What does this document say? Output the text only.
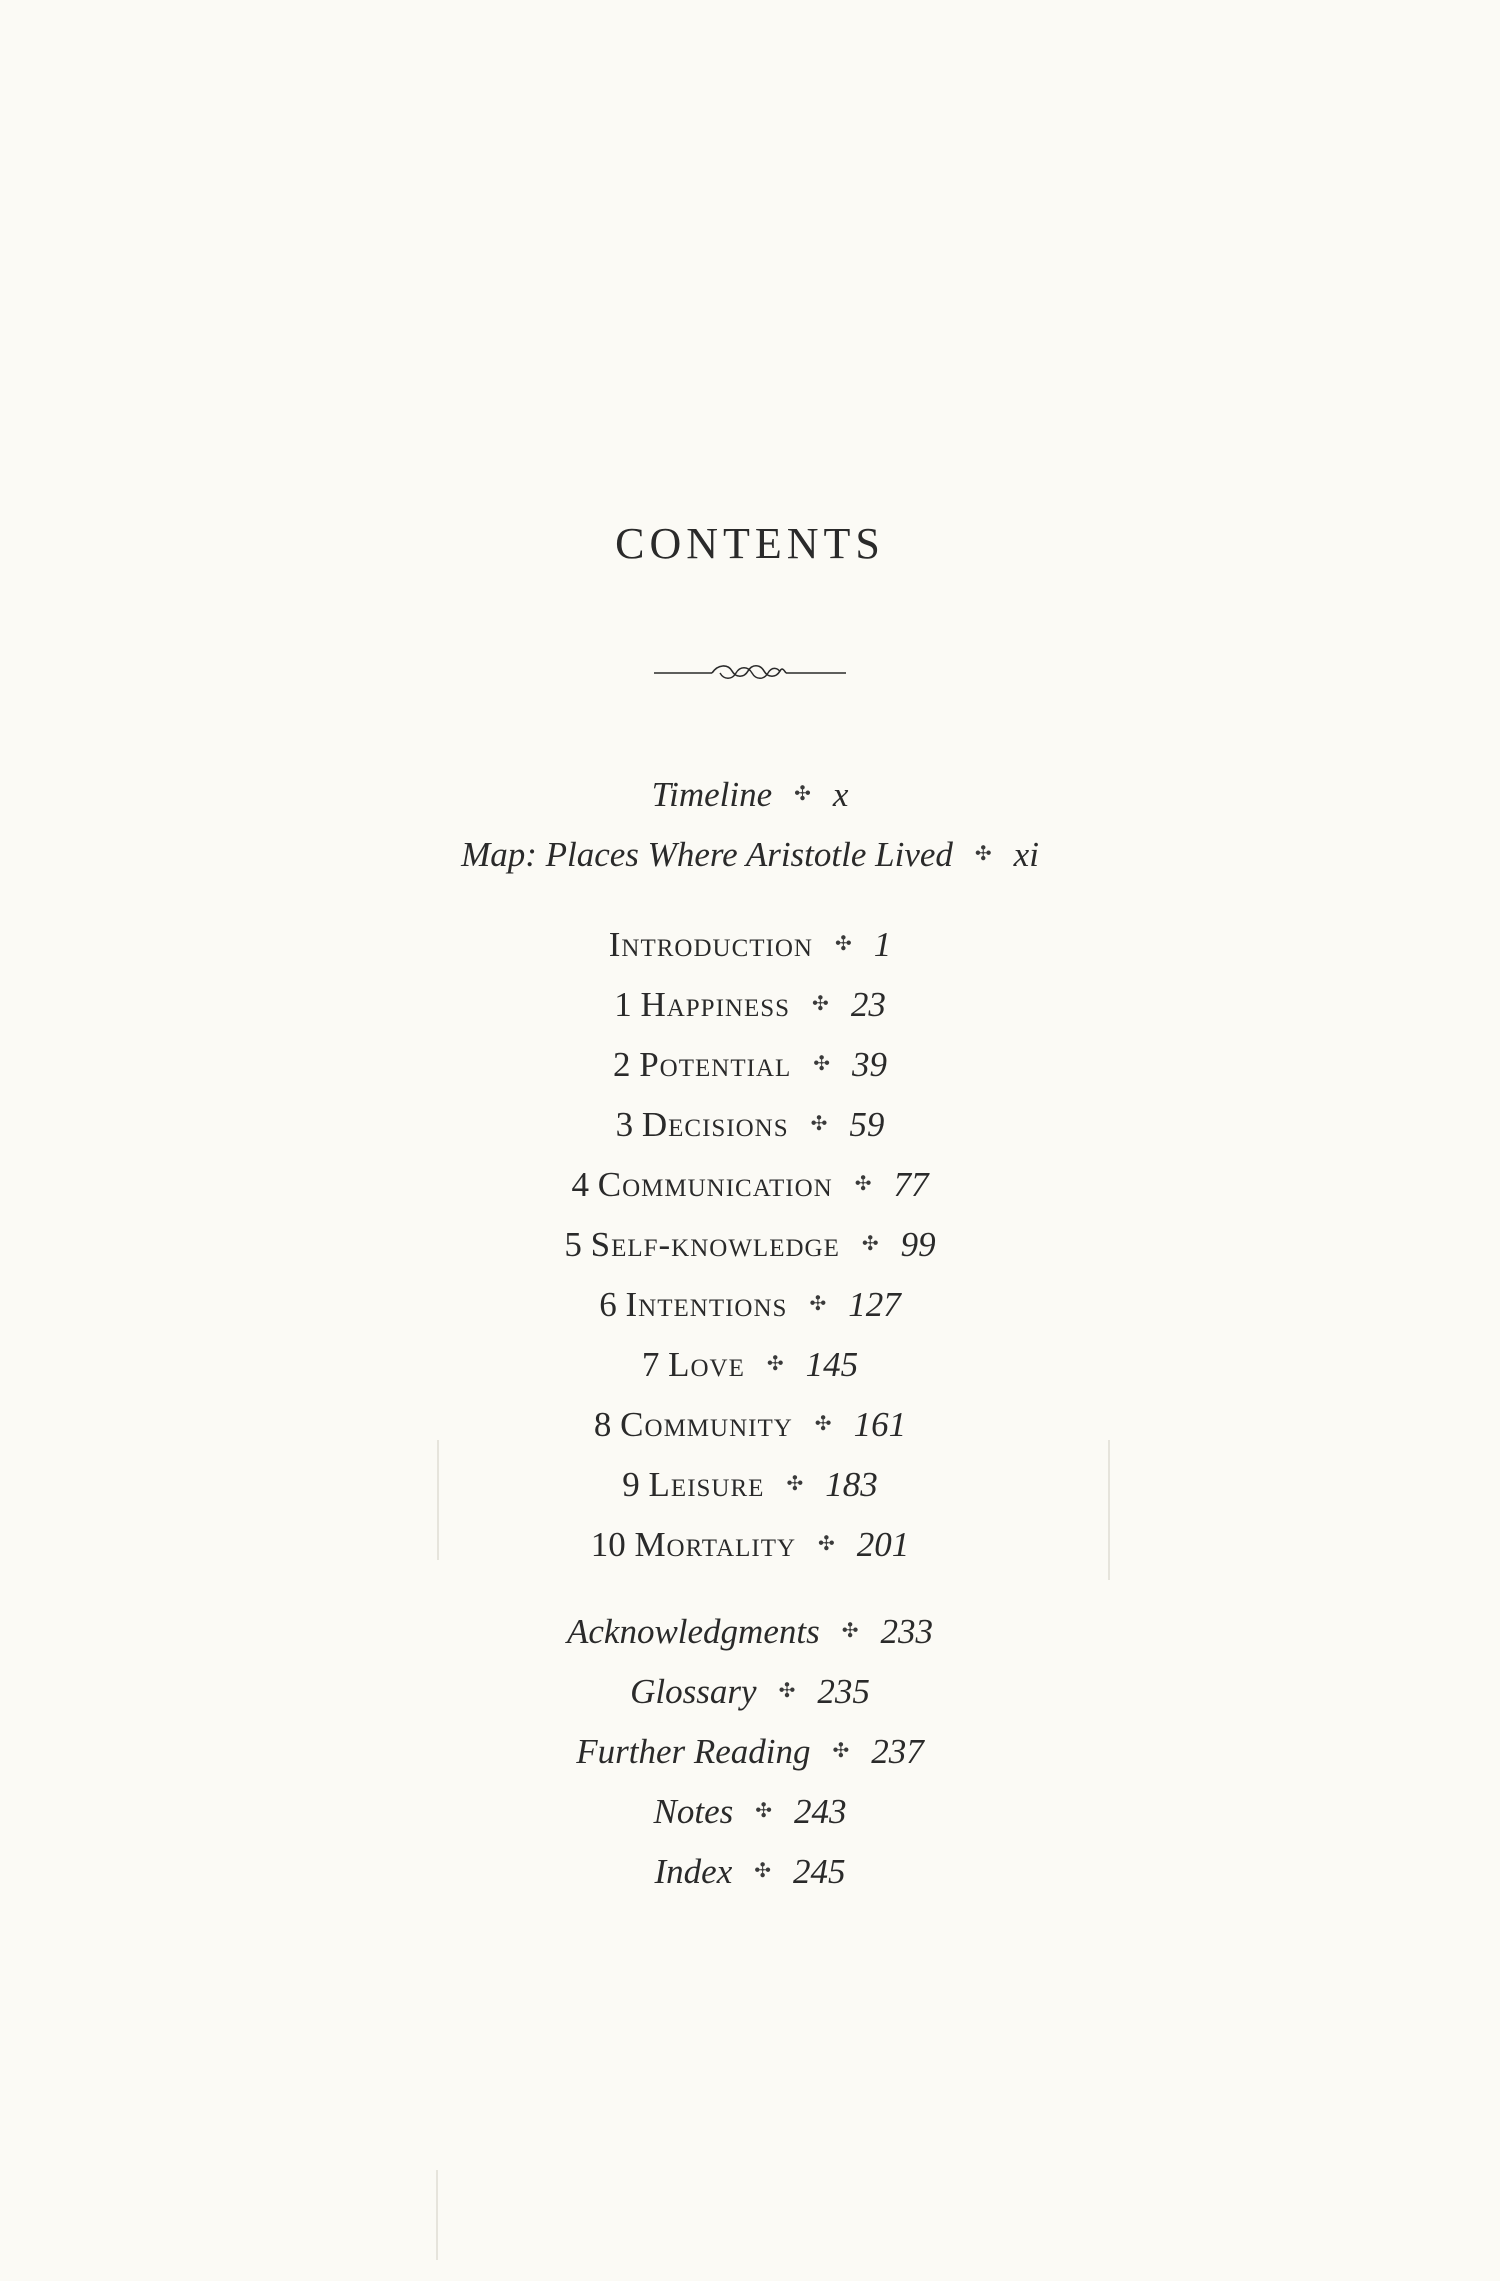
CONTENTS
Timeline ✣ x
Map: Places Where Aristotle Lived ✣ xi
Introduction ✣ 1
1 Happiness ✣ 23
2 Potential ✣ 39
3 Decisions ✣ 59
4 Communication ✣ 77
5 Self-knowledge ✣ 99
6 Intentions ✣ 127
7 Love ✣ 145
8 Community ✣ 161
9 Leisure ✣ 183
10 Mortality ✣ 201
Acknowledgments ✣ 233
Glossary ✣ 235
Further Reading ✣ 237
Notes ✣ 243
Index ✣ 245
